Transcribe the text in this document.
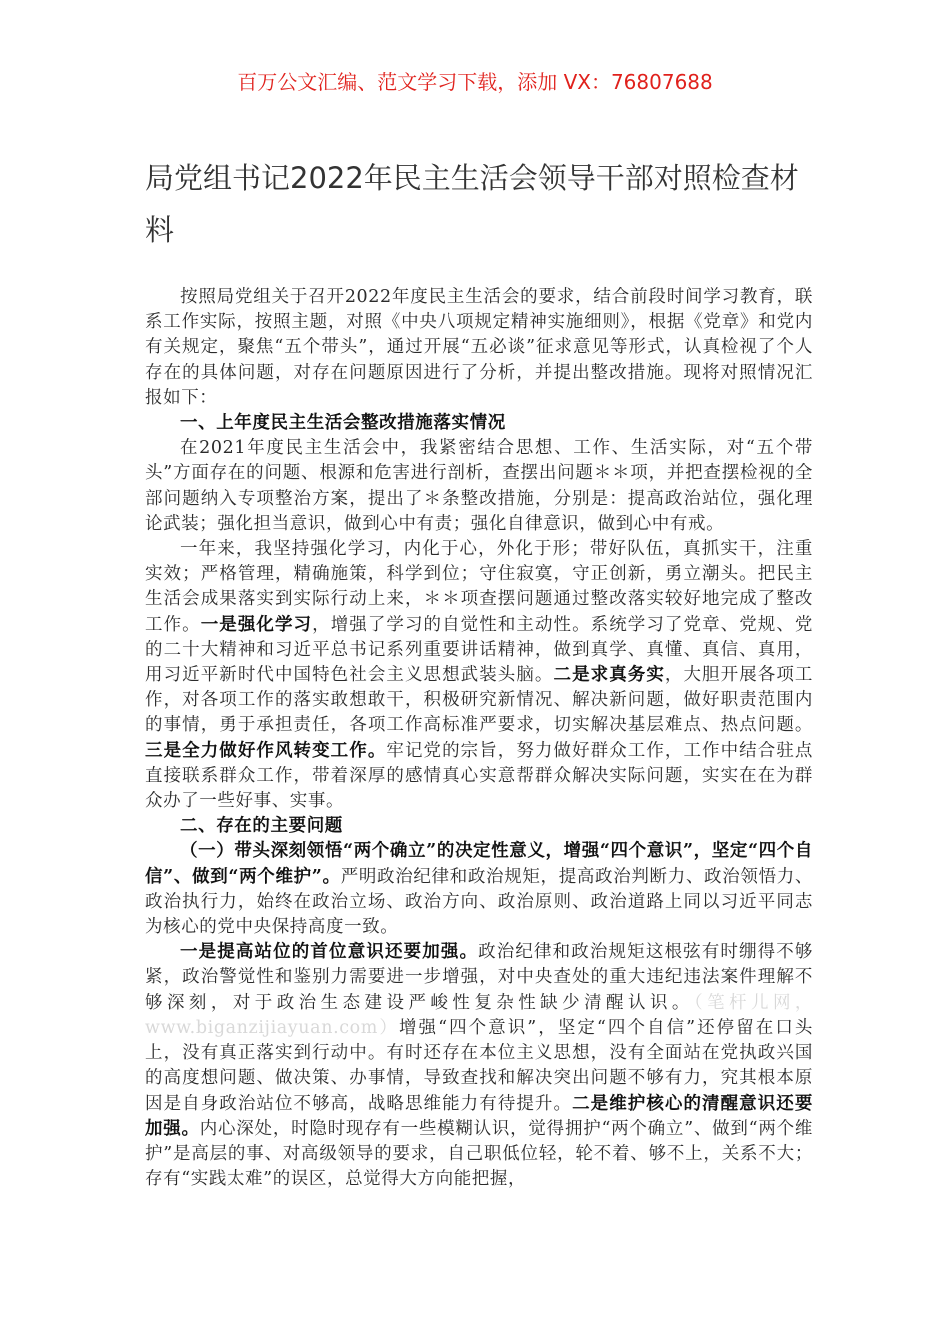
百万公文汇编、范文学习下载，添加 VX：76807688
局党组书记2022年民主生活会领导干部对照检查材料

按照局党组关于召开2022年度民主生活会的要求，结合前段时间学习教育，联系工作实际，按照主题，对照《中央八项规定精神实施细则》，根据《党章》和党内有关规定，聚焦“五个带头”，通过开展“五必谈”征求意见等形式，认真检视了个人存在的具体问题，对存在问题原因进行了分析，并提出整改措施。现将对照情况汇报如下：

一、上年度民主生活会整改措施落实情况

在2021年度民主生活会中，我紧密结合思想、工作、生活实际，对“五个带头”方面存在的问题、根源和危害进行剖析，查摆出问题＊＊项，并把查摆检视的全部问题纳入专项整治方案，提出了＊条整改措施，分别是：提高政治站位，强化理论武装；强化担当意识，做到心中有责；强化自律意识，做到心中有戒。

一年来，我坚持强化学习，内化于心，外化于形；带好队伍，真抓实干，注重实效；严格管理，精确施策，科学到位；守住寂寞，守正创新，勇立潮头。把民主生活会成果落实到实际行动上来，＊＊项查摆问题通过整改落实较好地完成了整改工作。一是强化学习，增强了学习的自觉性和主动性。系统学习了党章、党规、党的二十大精神和习近平总书记系列重要讲话精神，做到真学、真懂、真信、真用，用习近平新时代中国特色社会主义思想武装头脑。二是求真务实，大胆开展各项工作，对各项工作的落实敢想敢干，积极研究新情况、解决新问题，做好职责范围内的事情，勇于承担责任，各项工作高标准严要求，切实解决基层难点、热点问题。三是全力做好作风转变工作。牢记党的宗旨，努力做好群众工作，工作中结合驻点直接联系群众工作，带着深厚的感情真心实意帮群众解决实际问题，实实在在为群众办了一些好事、实事。

二、存在的主要问题

（一）带头深刻领悟“两个确立”的决定性意义，增强“四个意识”，坚定“四个自信”、做到“两个维护”。严明政治纪律和政治规矩，提高政治判断力、政治领悟力、政治执行力，始终在政治立场、政治方向、政治原则、政治道路上同以习近平同志为核心的党中央保持高度一致。

一是提高站位的首位意识还要加强。政治纪律和政治规矩这根弦有时绷得不够紧，政治警觉性和鉴别力需要进一步增强，对中央查处的重大违纪违法案件理解不够深刻，对于政治生态建设严峻性复杂性缺少清醒认识。（笔杆儿网，www.biganzijiayuan.com）增强“四个意识”，坚定“四个自信”还停留在口头上，没有真正落实到行动中。有时还存在本位主义思想，没有全面站在党执政兴国的高度想问题、做决策、办事情，导致查找和解决突出问题不够有力，究其根本原因是自身政治站位不够高，战略思维能力有待提升。二是维护核心的清醒意识还要加强。内心深处，时隐时现存有一些模糊认识，觉得拥护“两个确立”、做到“两个维护”是高层的事、对高级领导的要求，自己职低位轻，轮不着、够不上，关系不大；存有“实践太难”的误区，总觉得大方向能把握，
